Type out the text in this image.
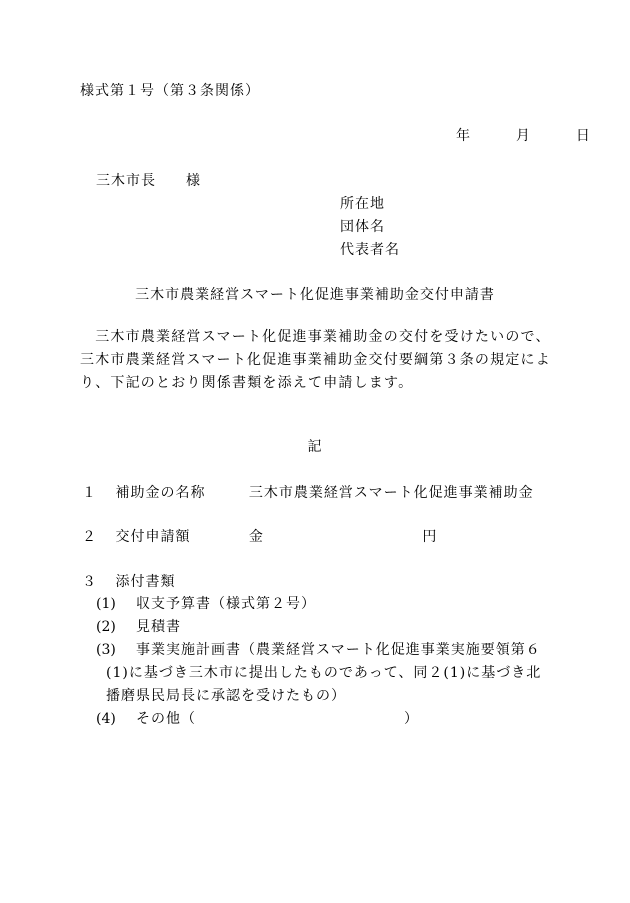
様式第１号（第３条関係）
年	月	日
三木市長　　様
所在地
団体名
代表者名
三木市農業経営スマート化促進事業補助金交付申請書

　三木市農業経営スマート化促進事業補助金の交付を受けたいので、

三木市農業経営スマート化促進事業補助金交付要綱第３条の規定によ

り、下記のとおり関係書類を添えて申請します。

記
１ 補助金の名称	三木市農業経営スマート化促進事業補助金
２ 交付申請額	金	円
３ 添付書類
(1) 収支予算書（様式第２号）
(2) 見積書
(3) 事業実施計画書（農業経営スマート化促進事業実施要領第６
(1)に基づき三木市に提出したものであって、同２(1)に基づき北
播磨県民局長に承認を受けたもの）
(4) その他（	）
